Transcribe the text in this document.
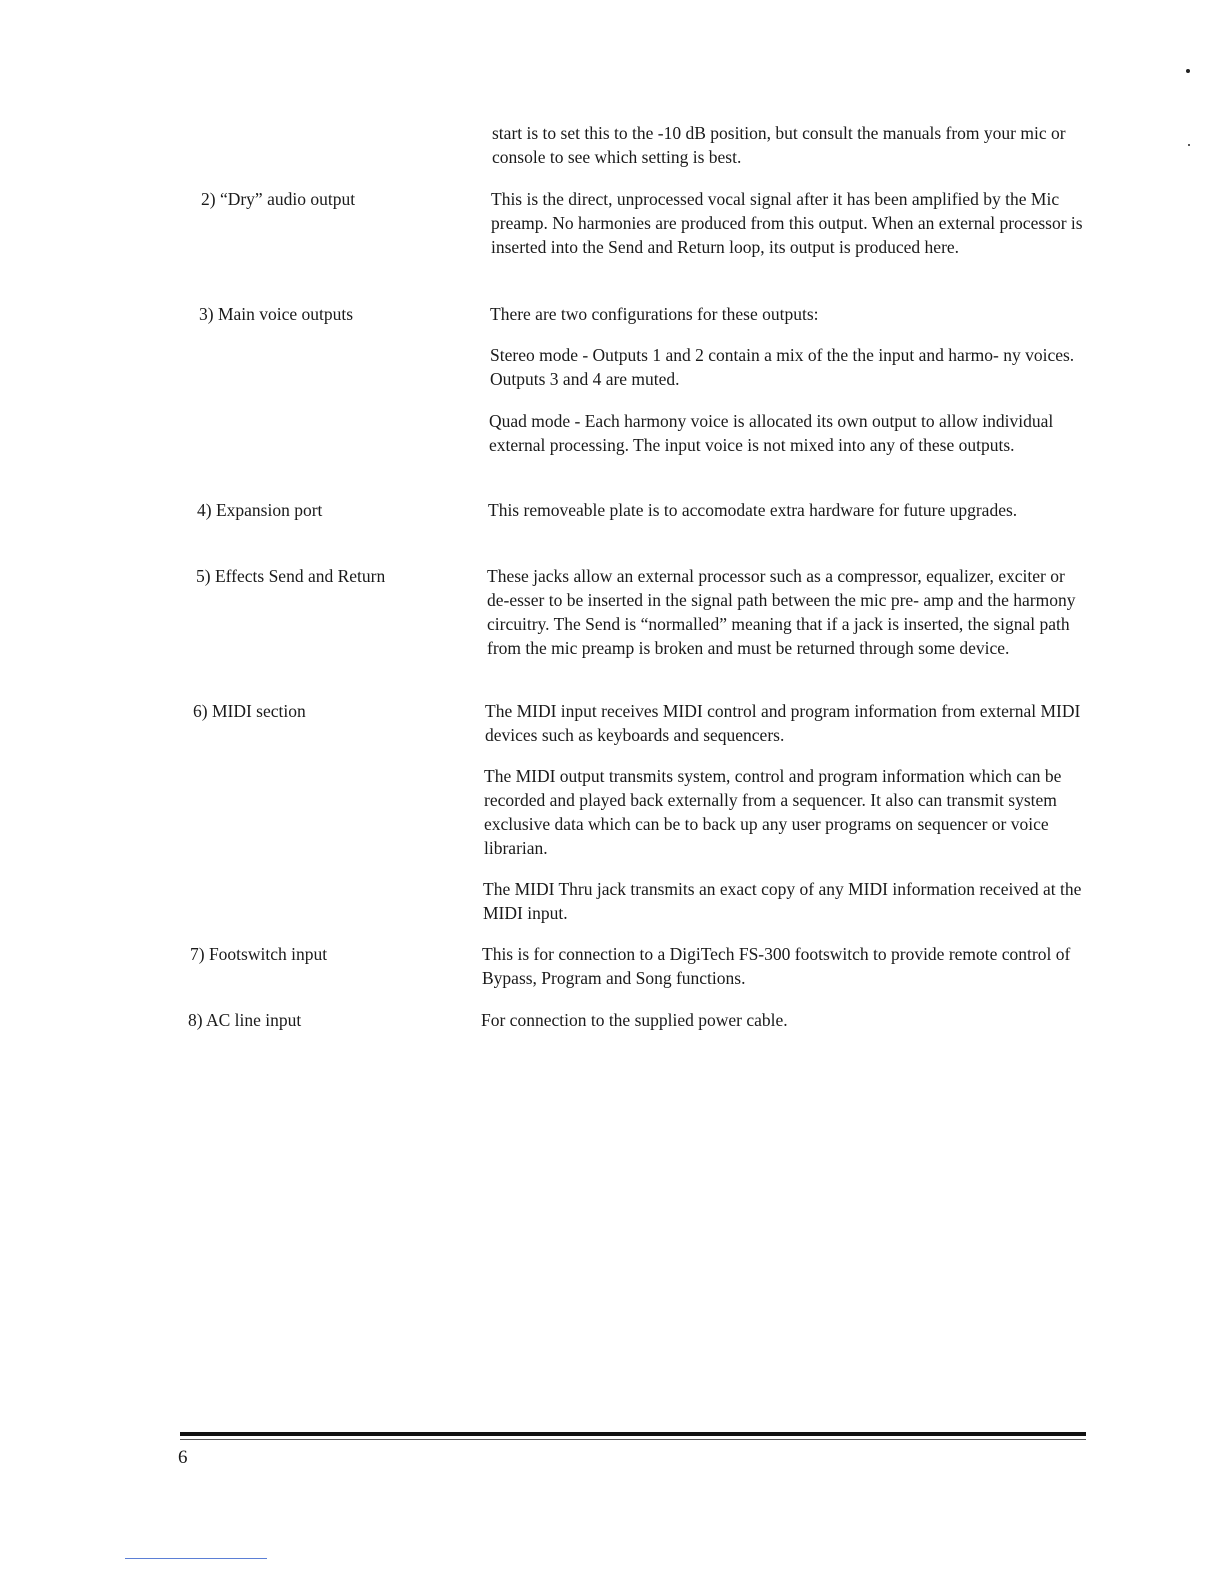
start is to set this to the -10 dB position, but consult the manuals from your mic or console to see which setting is best.

2) “Dry” audio output	This is the direct, unprocessed vocal signal after it has been amplified by the Mic preamp. No harmonies are produced from this output. When an external processor is inserted into the Send and Return loop, its output is produced here.

3) Main voice outputs	There are two configurations for these outputs:

Stereo mode - Outputs 1 and 2 contain a mix of the the input and harmo- ny voices. Outputs 3 and 4 are muted.

Quad mode - Each harmony voice is allocated its own output to allow individual external processing. The input voice is not mixed into any of these outputs.

4) Expansion port	This removeable plate is to accomodate extra hardware for future upgrades.

5) Effects Send and Return	These jacks allow an external processor such as a compressor, equalizer, exciter or de-esser to be inserted in the signal path between the mic pre- amp and the harmony circuitry. The Send is “normalled” meaning that if a jack is inserted, the signal path from the mic preamp is broken and must be returned through some device.

6) MIDI section	The MIDI input receives MIDI control and program information from external MIDI devices such as keyboards and sequencers.

The MIDI output transmits system, control and program information which can be recorded and played back externally from a sequencer. It also can transmit system exclusive data which can be to back up any user programs on sequencer or voice librarian.

The MIDI Thru jack transmits an exact copy of any MIDI information received at the MIDI input.

7) Footswitch input	This is for connection to a DigiTech FS-300 footswitch to provide remote control of Bypass, Program and Song functions.

8) AC line input	For connection to the supplied power cable.

6
